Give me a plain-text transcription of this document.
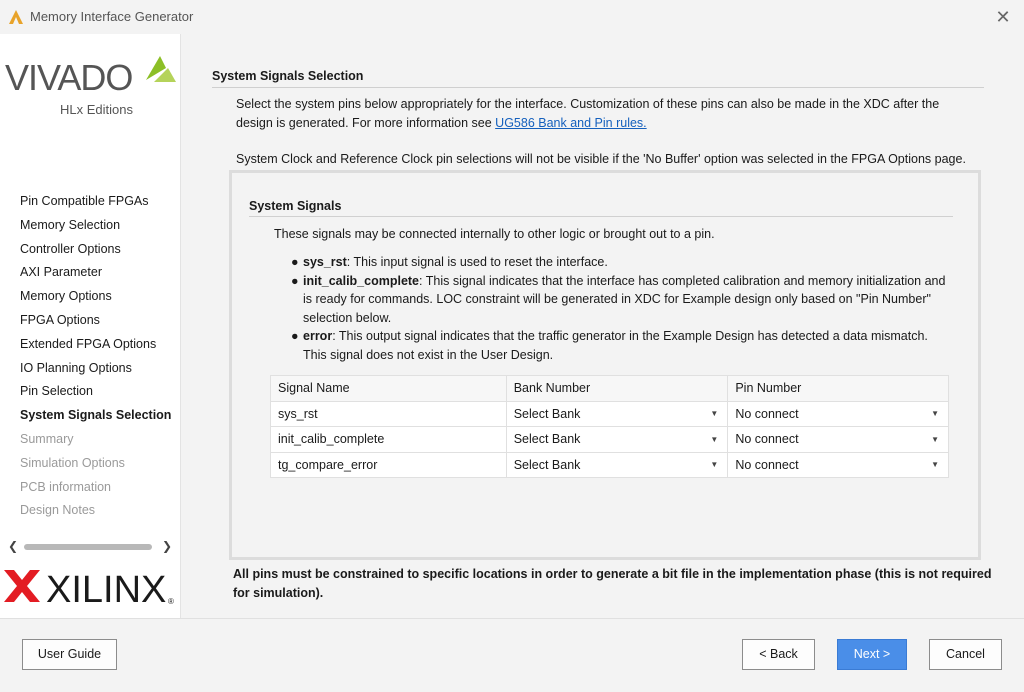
Memory Interface Generator	✕
VIVADO
HLx Editions
Pin Compatible FPGAs
Memory Selection
Controller Options
AXI Parameter
Memory Options
FPGA Options
Extended FPGA Options
IO Planning Options
Pin Selection
System Signals Selection
Summary
Simulation Options
PCB information
Design Notes
❮	❯
XILINX ®
System Signals Selection
Select the system pins below appropriately for the interface. Customization of these pins can also be made in the XDC after the design is generated. For more information see UG586 Bank and Pin rules.
System Clock and Reference Clock pin selections will not be visible if the 'No Buffer' option was selected in the FPGA Options page.
System Signals
These signals may be connected internally to other logic or brought out to a pin.
● sys_rst: This input signal is used to reset the interface.
● init_calib_complete: This signal indicates that the interface has completed calibration and memory initialization and is ready for commands. LOC constraint will be generated in XDC for Example design only based on "Pin Number" selection below.
● error: This output signal indicates that the traffic generator in the Example Design has detected a data mismatch. This signal does not exist in the User Design.
Signal Name	Bank Number	Pin Number
sys_rst	Select Bank ▼	No connect ▼

init_calib_complete	Select Bank ▼	No connect ▼

tg_compare_error	Select Bank ▼	No connect ▼
All pins must be constrained to specific locations in order to generate a bit file in the implementation phase (this is not required for simulation).
User Guide	< Back	Next >	Cancel
